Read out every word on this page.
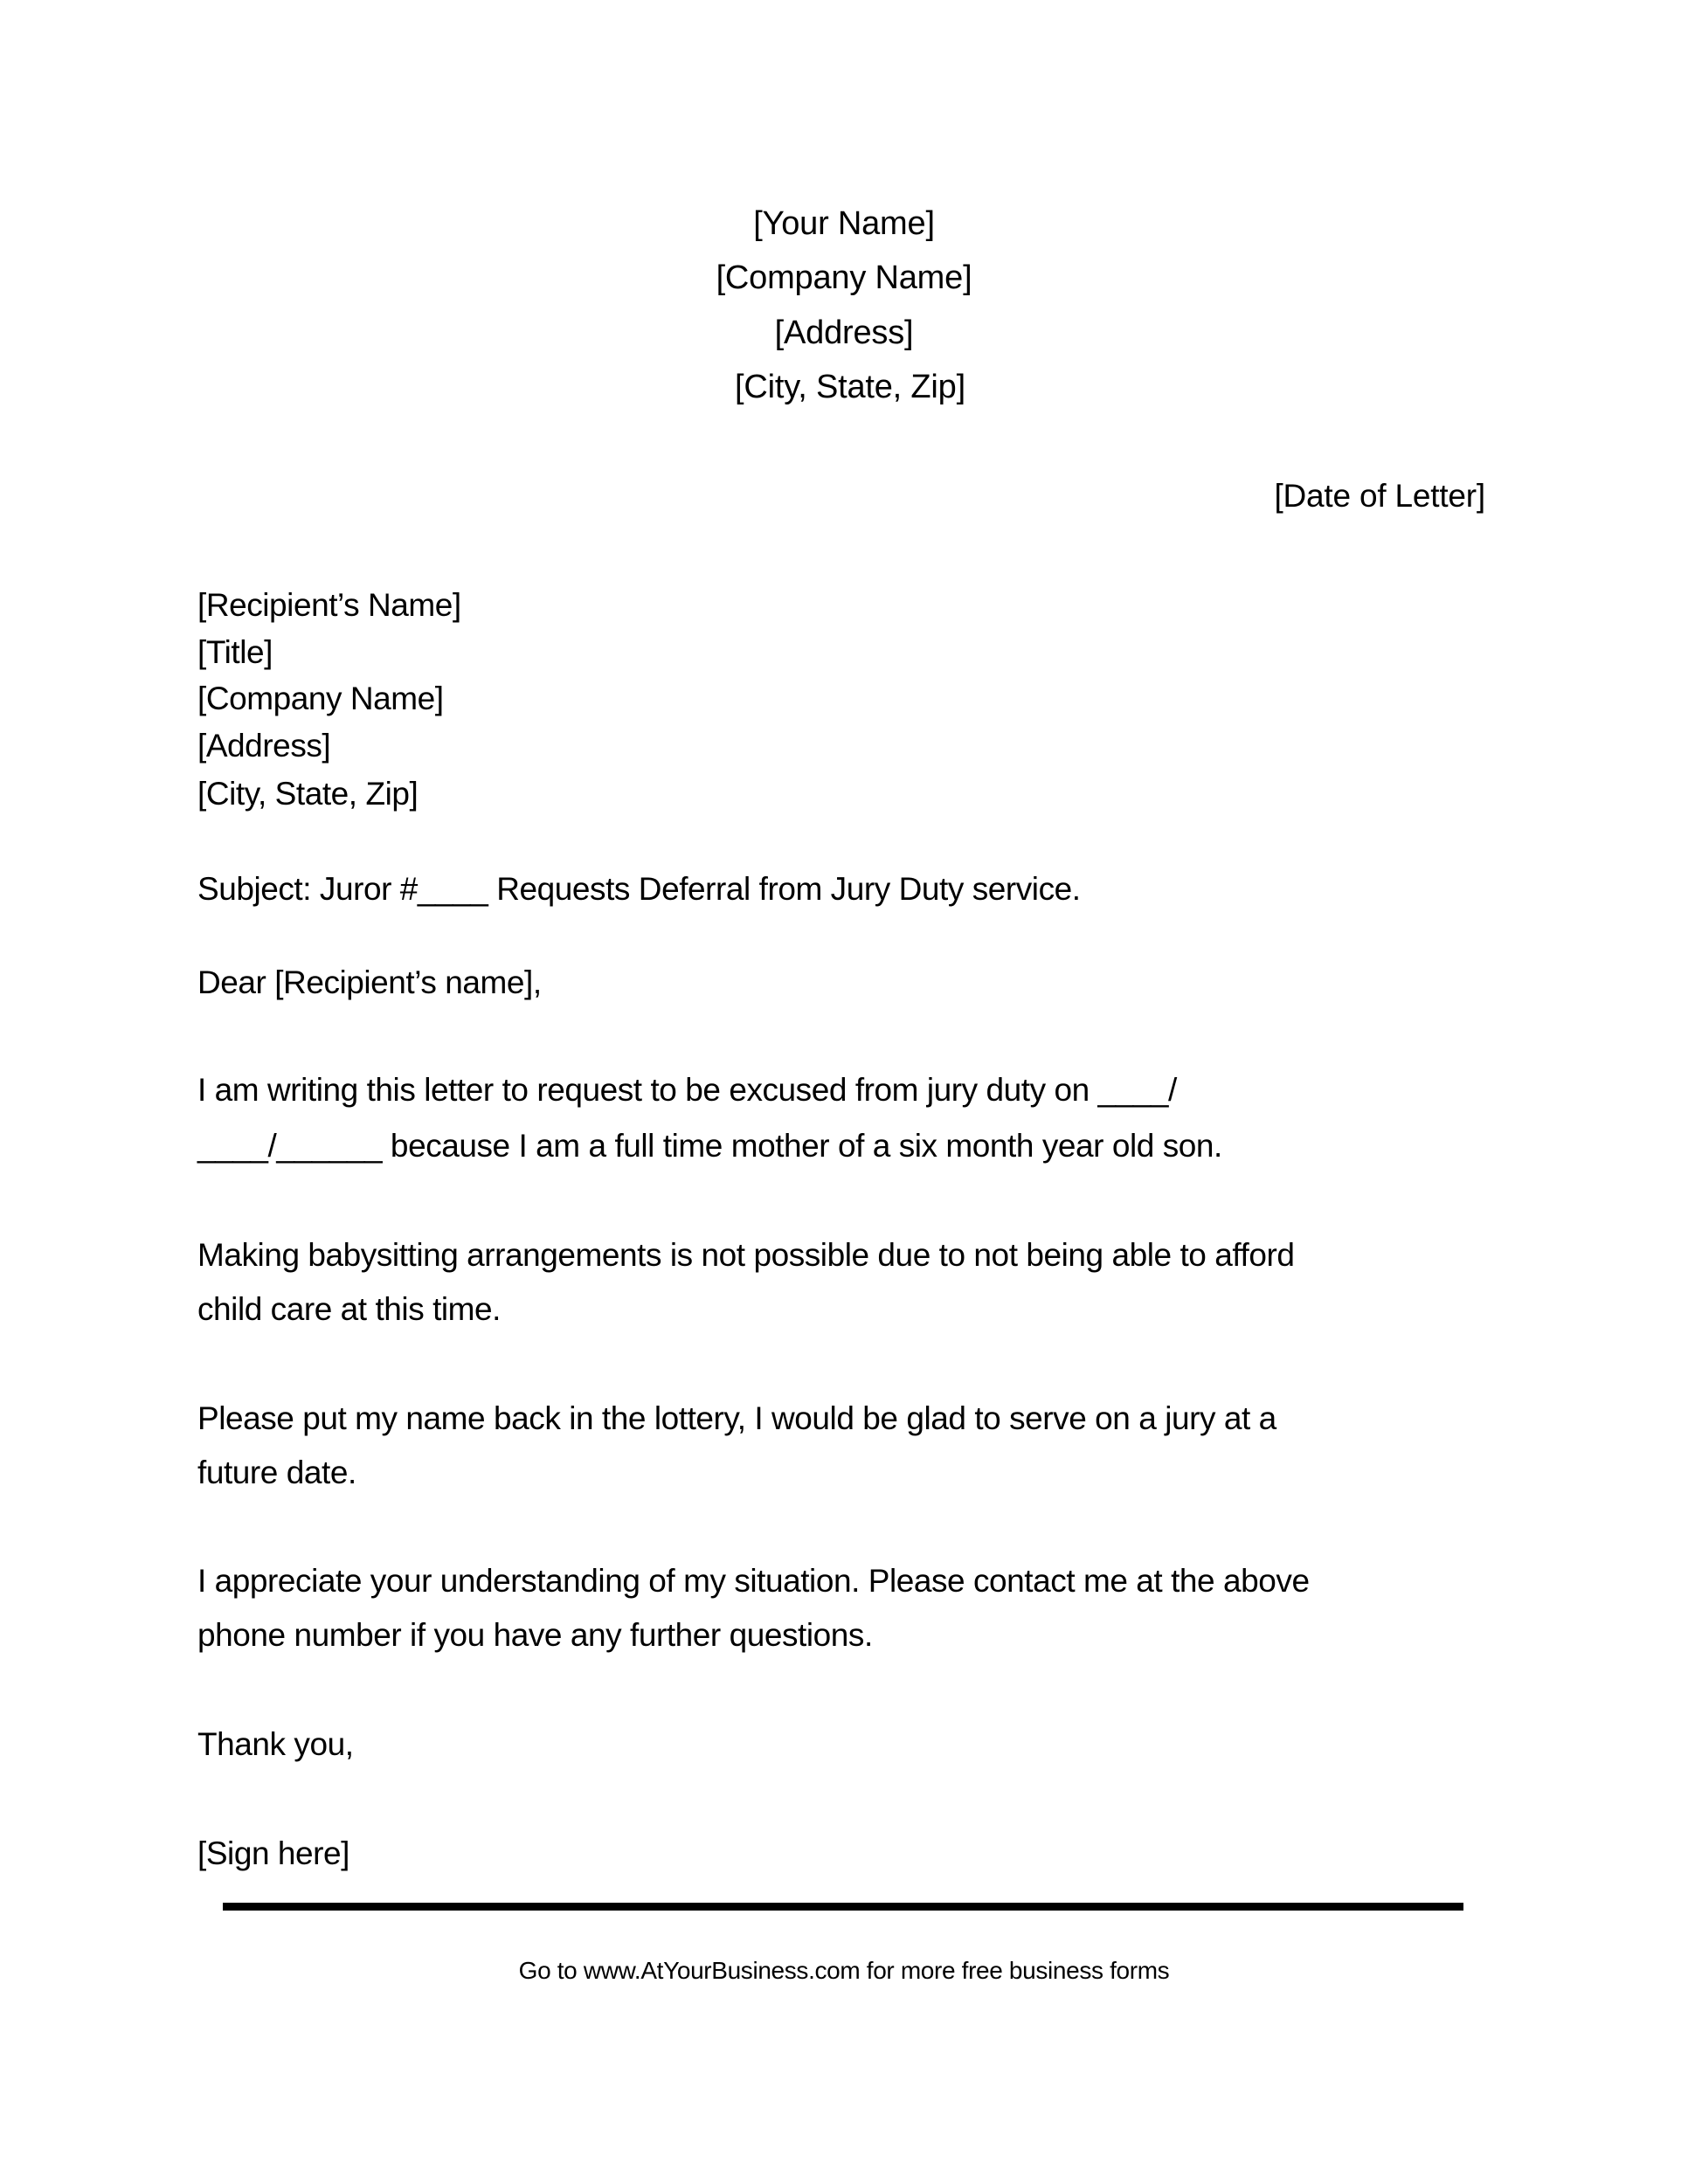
[Your Name]
[Company Name]
[Address]
[City, State, Zip]
[Date of Letter]
[Recipient’s Name]
[Title]
[Company Name]
[Address]
[City, State, Zip]
Subject: Juror #____ Requests Deferral from Jury Duty service.
Dear [Recipient’s name],
I am writing this letter to request to be excused from jury duty on ____/
____/______ because I am a full time mother of a six month year old son.
Making babysitting arrangements is not possible due to not being able to afford
child care at this time.
Please put my name back in the lottery, I would be glad to serve on a jury at a
future date.
I appreciate your understanding of my situation. Please contact me at the above
phone number if you have any further questions.
Thank you,
[Sign here]
Go to www.AtYourBusiness.com for more free business forms
